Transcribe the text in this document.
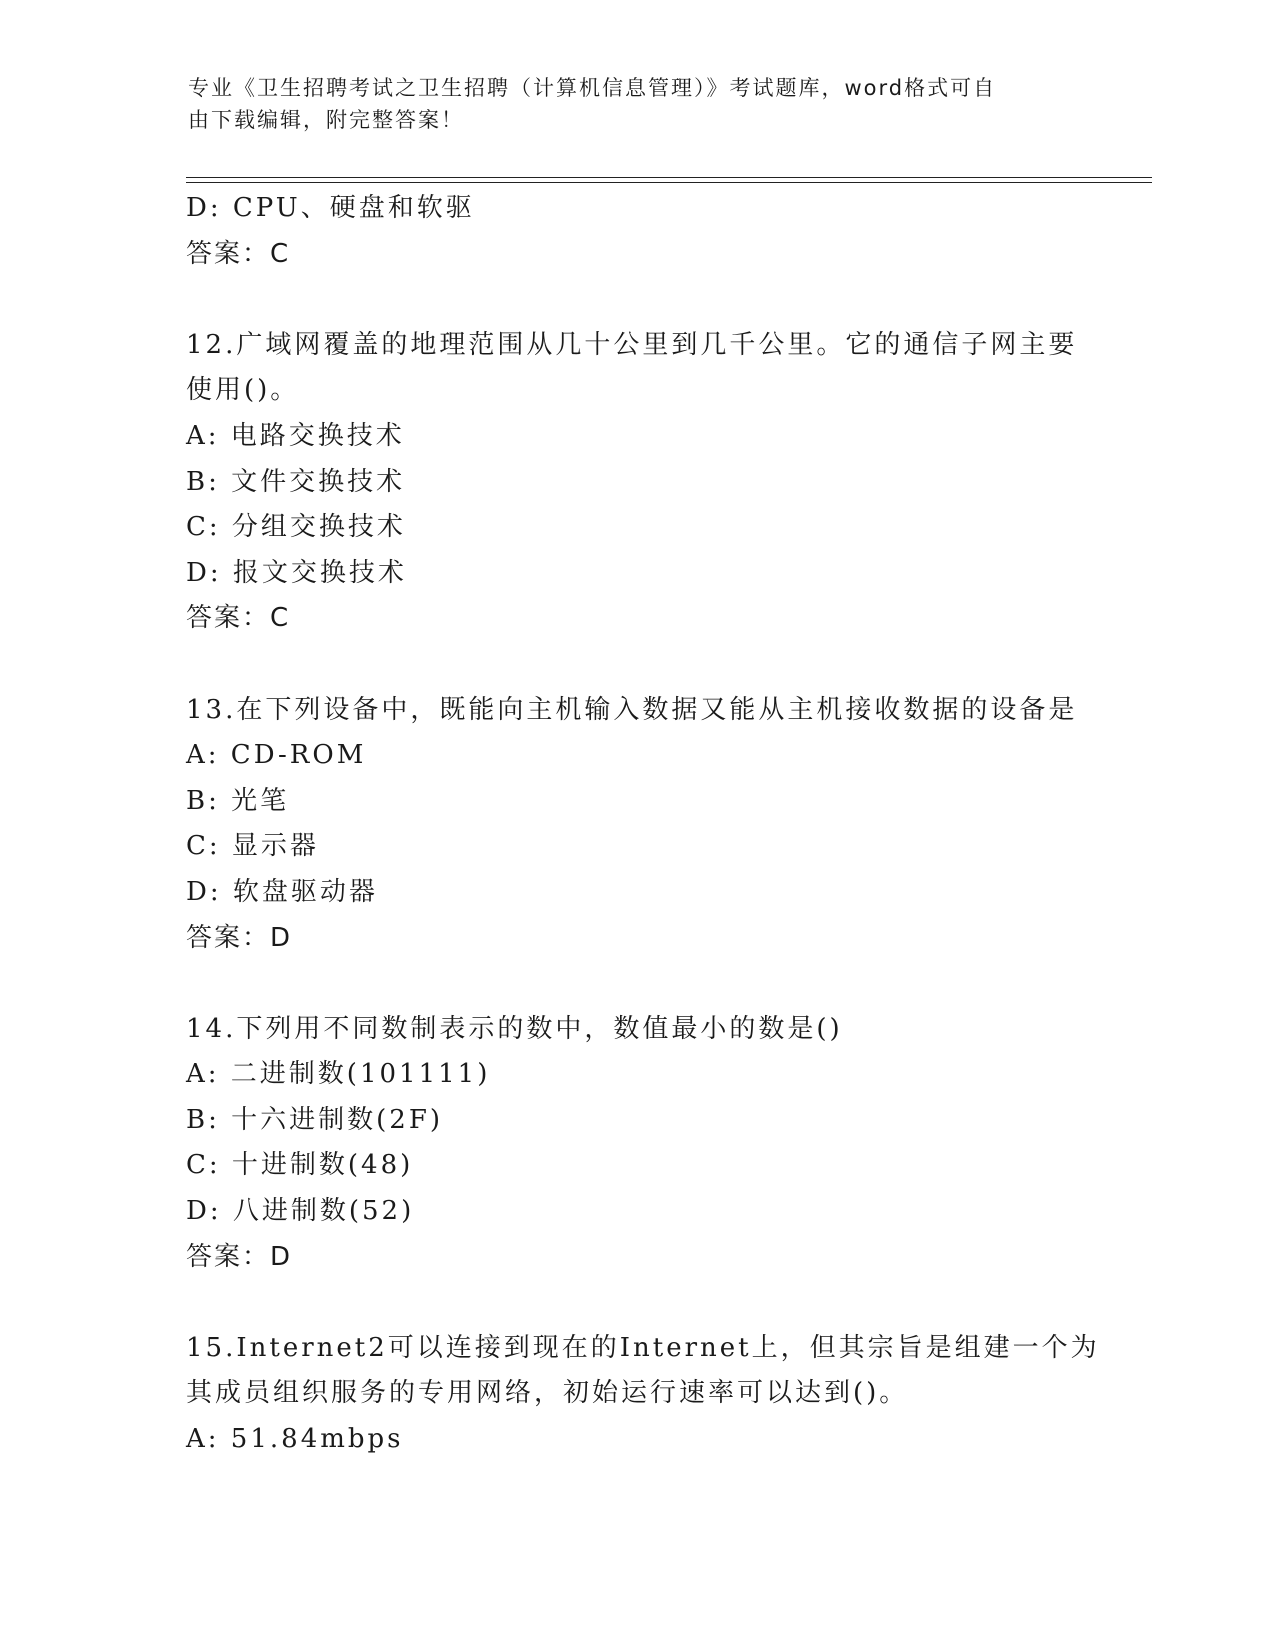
专业《卫生招聘考试之卫生招聘（计算机信息管理）》考试题库，word格式可自
由下载编辑，附完整答案！
D: CPU、硬盘和软驱
答案：C
12.广域网覆盖的地理范围从几十公里到几千公里。它的通信子网主要
使用()。
A: 电路交换技术
B: 文件交换技术
C: 分组交换技术
D: 报文交换技术
答案：C
13.在下列设备中，既能向主机输入数据又能从主机接收数据的设备是
A: CD-ROM
B: 光笔
C: 显示器
D: 软盘驱动器
答案：D
14.下列用不同数制表示的数中，数值最小的数是()
A: 二进制数(101111)
B: 十六进制数(2F)
C: 十进制数(48)
D: 八进制数(52)
答案：D
15.Internet2可以连接到现在的Internet上，但其宗旨是组建一个为
其成员组织服务的专用网络，初始运行速率可以达到()。
A: 51.84mbps
